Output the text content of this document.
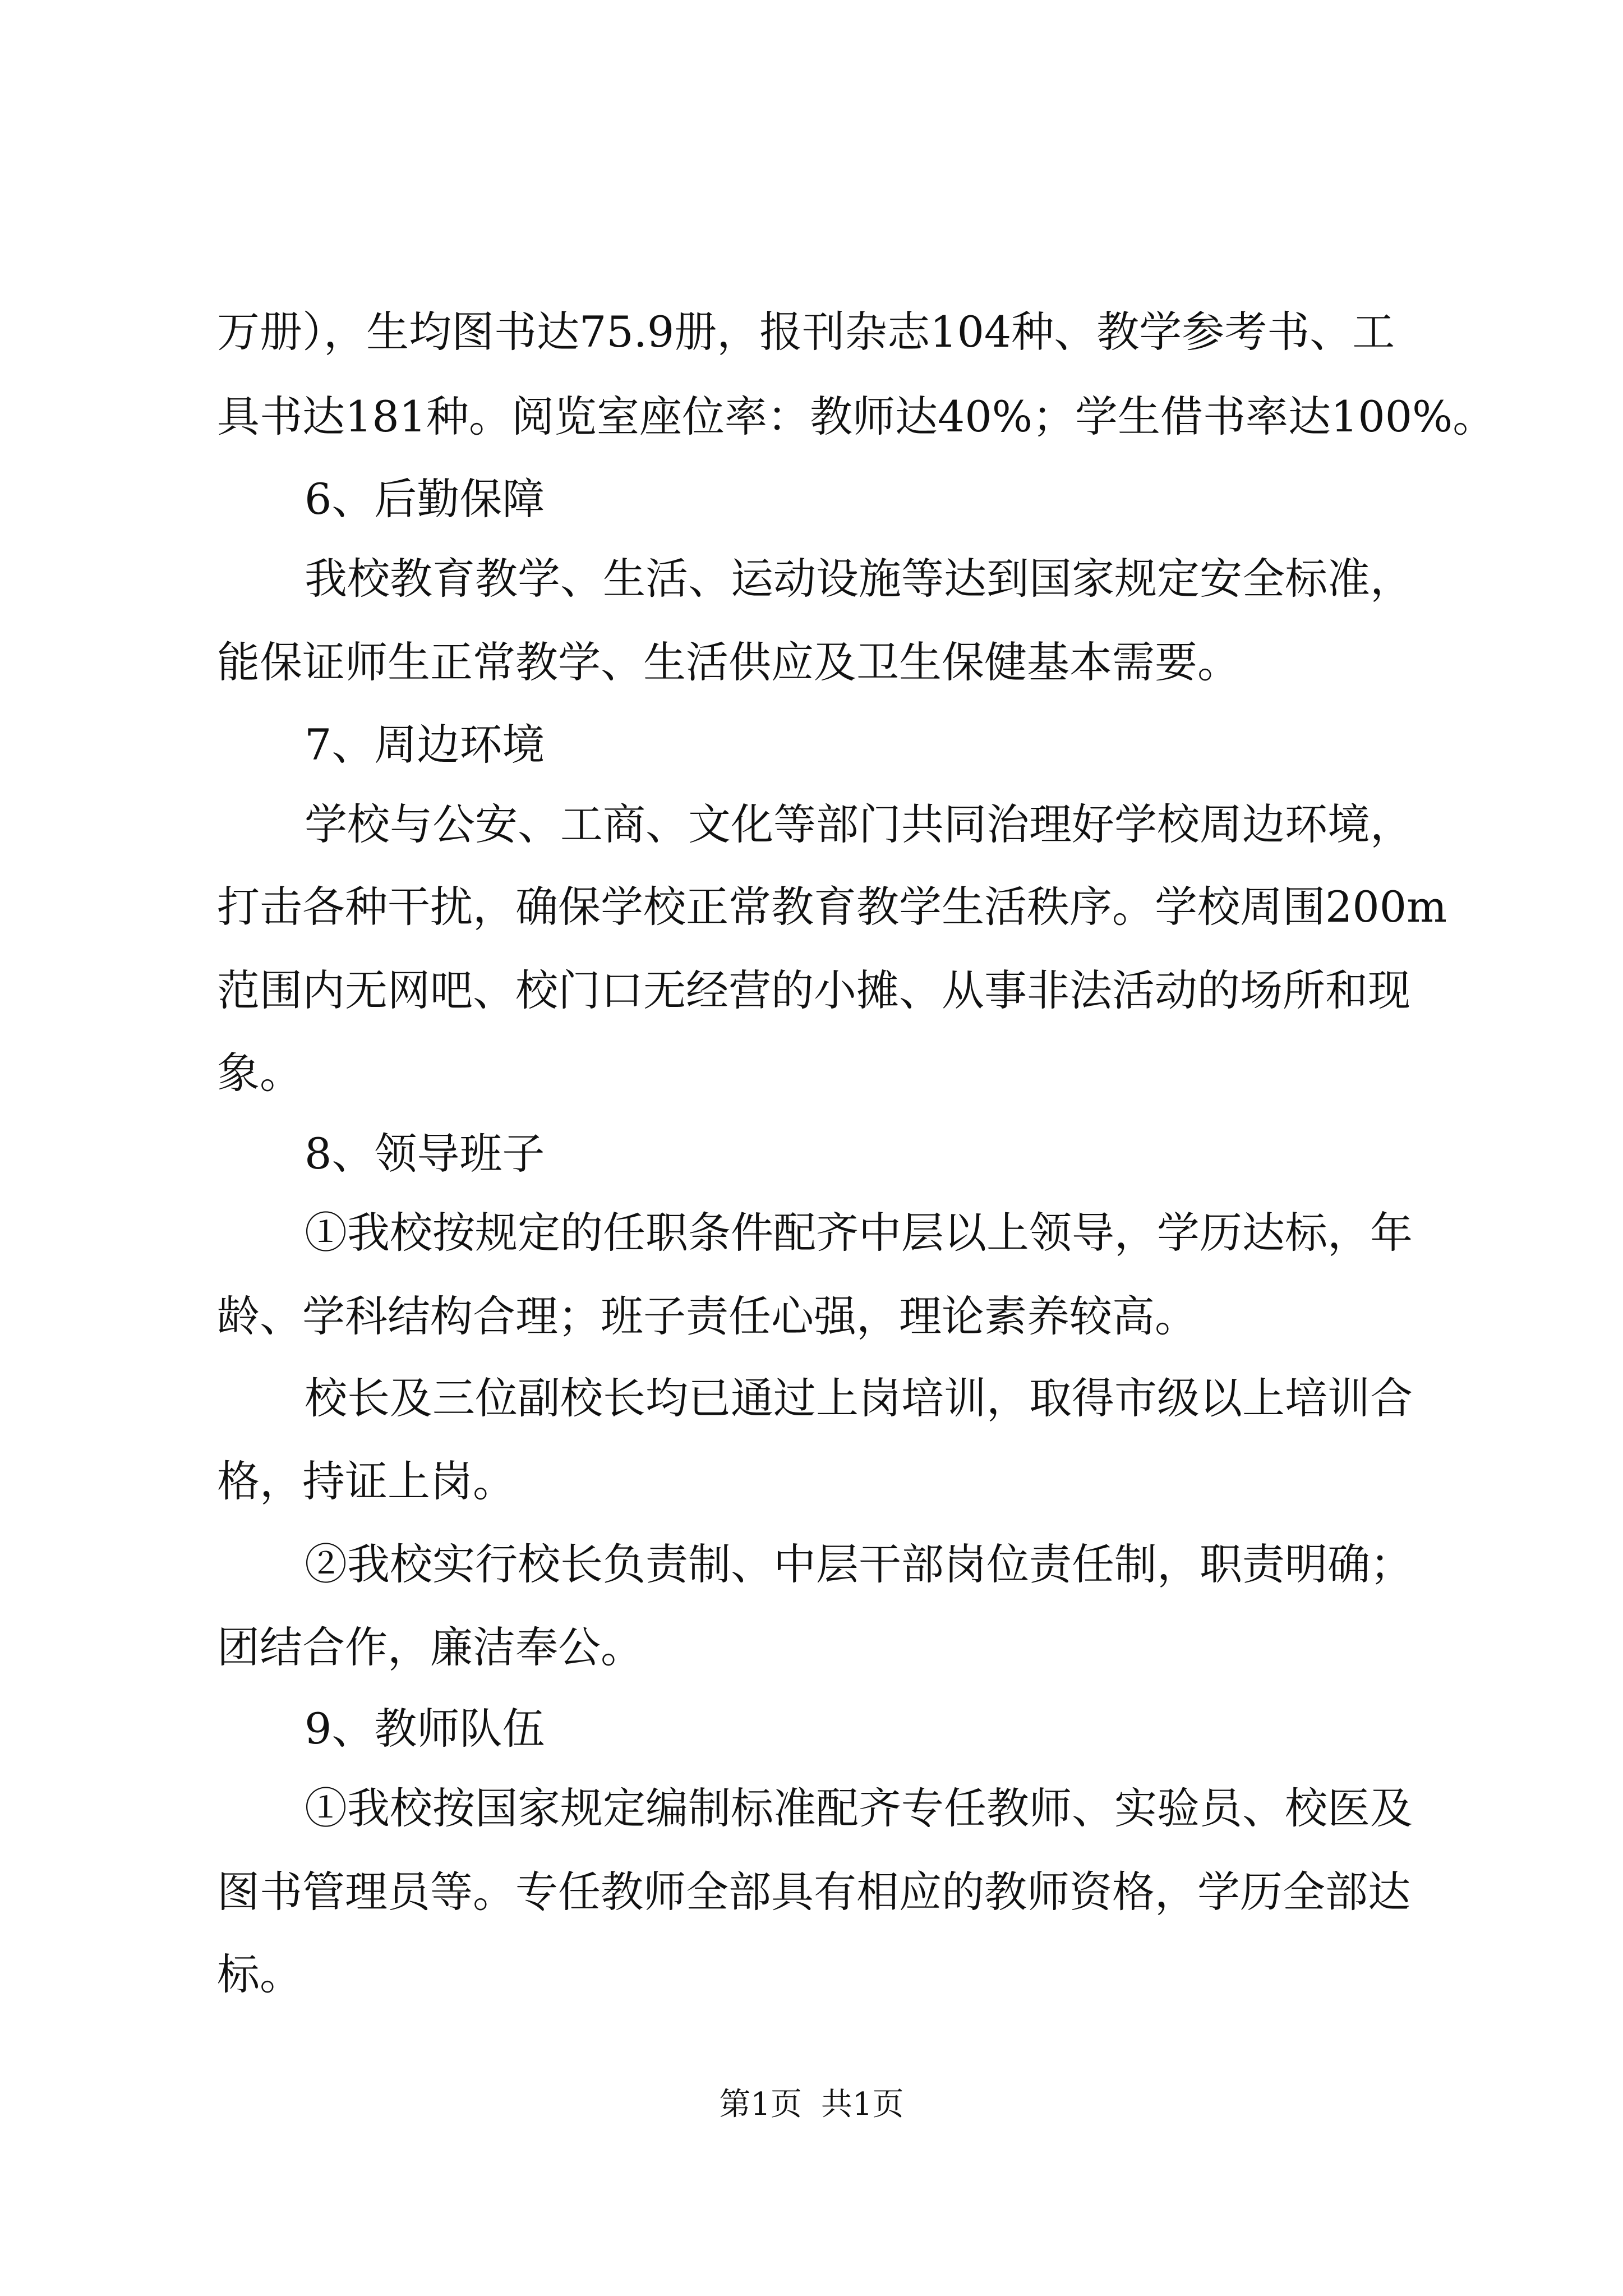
万册），生均图书达75.9册，报刊杂志104种、教学参考书、工
具书达181种。阅览室座位率：教师达40%；学生借书率达100%。
6、后勤保障
我校教育教学、生活、运动设施等达到国家规定安全标准，
能保证师生正常教学、生活供应及卫生保健基本需要。
7、周边环境
学校与公安、工商、文化等部门共同治理好学校周边环境，
打击各种干扰，确保学校正常教育教学生活秩序。学校周围200m
范围内无网吧、校门口无经营的小摊、从事非法活动的场所和现
象。
8、领导班子
①我校按规定的任职条件配齐中层以上领导，学历达标，年
龄、学科结构合理；班子责任心强，理论素养较高。
校长及三位副校长均已通过上岗培训，取得市级以上培训合
格，持证上岗。
②我校实行校长负责制、中层干部岗位责任制，职责明确；
团结合作，廉洁奉公。
9、教师队伍
①我校按国家规定编制标准配齐专任教师、实验员、校医及
图书管理员等。专任教师全部具有相应的教师资格，学历全部达
标。
第1页 共1页
